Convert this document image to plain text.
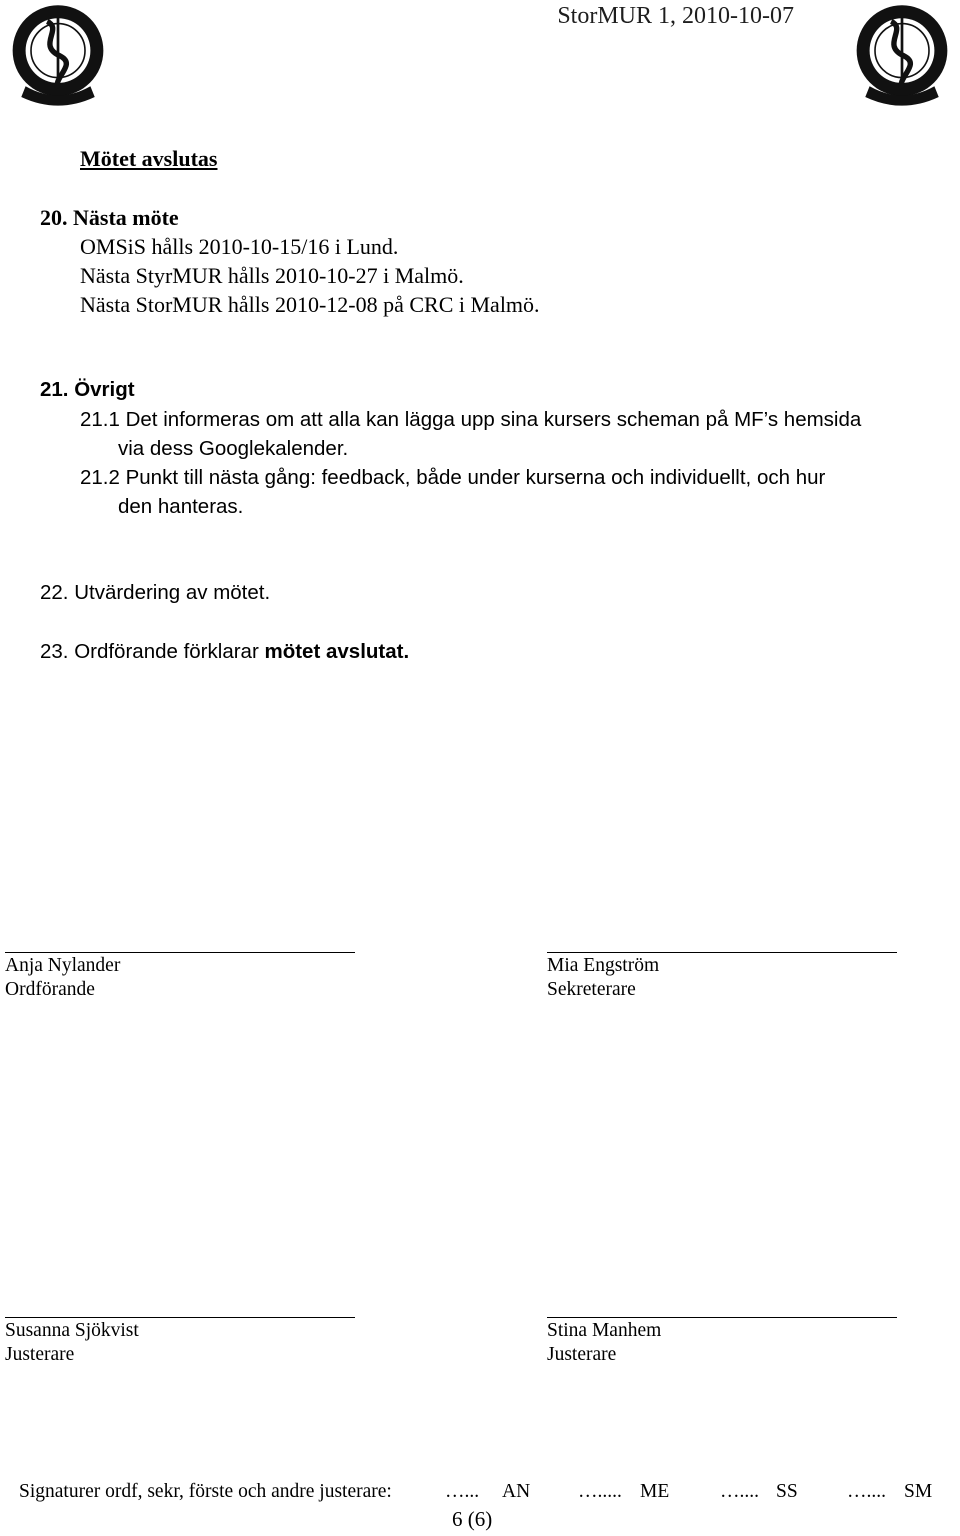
StorMUR 1, 2010-10-07
Mötet avslutas
20. Nästa möte
OMSiS hålls 2010-10-15/16 i Lund.
Nästa StyrMUR hålls 2010-10-27 i Malmö.
Nästa StorMUR hålls 2010-12-08 på CRC i Malmö.
21. Övrigt
21.1 Det informeras om att alla kan lägga upp sina kursers scheman på MF’s hemsida
via dess Googlekalender.
21.2 Punkt till nästa gång: feedback, både under kurserna och individuellt, och hur
den hanteras.
22. Utvärdering av mötet.
23. Ordförande förklarar mötet avslutat.
Anja Nylander
Ordförande
Mia Engström
Sekreterare
Susanna Sjökvist
Justerare
Stina Manhem
Justerare
Signaturer ordf, sekr, förste och andre justerare:	…... AN …..... ME	….... SS	….... SM
6 (6)
